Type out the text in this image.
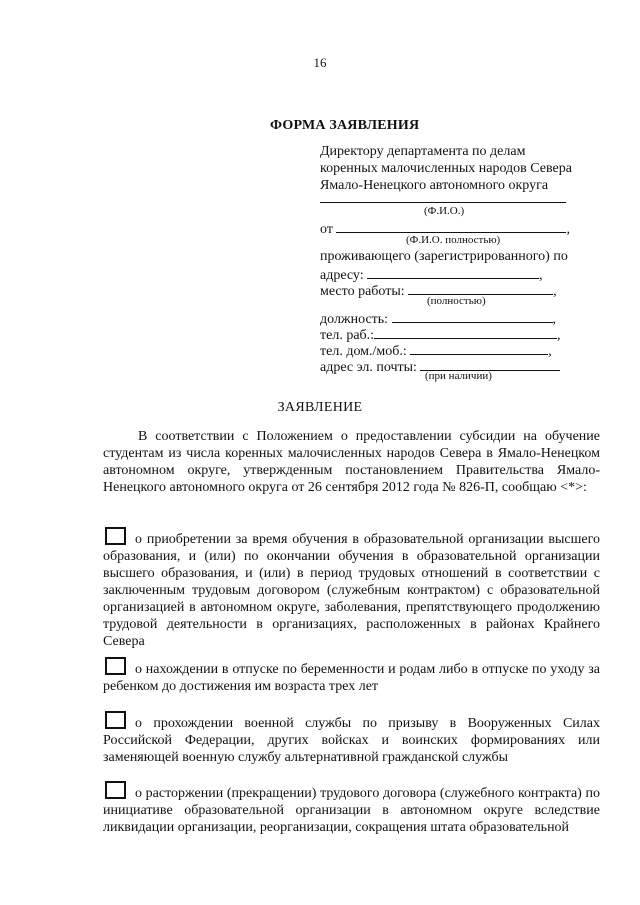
16
ФОРМА ЗАЯВЛЕНИЯ
Директору департамента по делам
коренных малочисленных народов Севера
Ямало-Ненецкого автономного округа
(Ф.И.О.)
от	,
(Ф.И.О. полностью)
проживающего (зарегистрированного) по
адресу:	,
место работы:	,
(полностью)
должность:	,
тел. раб.:	,
тел. дом./моб.:	,
адрес эл. почты:
(при наличии)
ЗАЯВЛЕНИЕ
В соответствии с Положением о предоставлении субсидии на обучение студентам из числа коренных малочисленных народов Севера в Ямало-Ненецком автономном округе, утвержденным постановлением Правительства Ямало-Ненецкого автономного округа от 26 сентября 2012 года № 826-П, сообщаю <*>:
о приобретении за время обучения в образовательной организации высшего образования, и (или) по окончании обучения в образовательной организации высшего образования, и (или) в период трудовых отношений в соответствии с заключенным трудовым договором (служебным контрактом) с образовательной организацией в автономном округе, заболевания, препятствующего продолжению трудовой деятельности в организациях, расположенных в районах Крайнего Севера
о нахождении в отпуске по беременности и родам либо в отпуске по уходу за ребенком до достижения им возраста трех лет
о прохождении военной службы по призыву в Вооруженных Силах Российской Федерации, других войсках и воинских формированиях или заменяющей военную службу альтернативной гражданской службы
о расторжении (прекращении) трудового договора (служебного контракта) по инициативе образовательной организации в автономном округе вследствие ликвидации организации, реорганизации, сокращения штата образовательной
